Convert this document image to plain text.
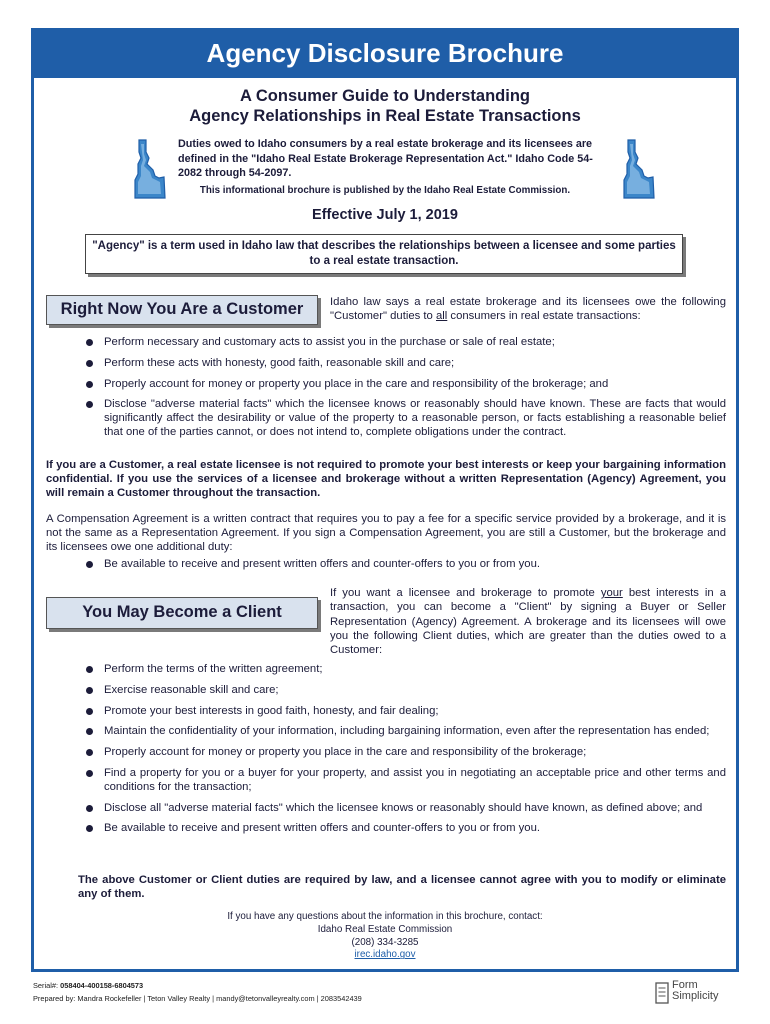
Agency Disclosure Brochure
A Consumer Guide to Understanding
Agency Relationships in Real Estate Transactions
Duties owed to Idaho consumers by a real estate brokerage and its licensees are defined in the "Idaho Real Estate Brokerage Representation Act." Idaho Code 54-2082 through 54-2097.
This informational brochure is published by the Idaho Real Estate Commission.
Effective July 1, 2019
"Agency" is a term used in Idaho law that describes the relationships between a licensee and some parties to a real estate transaction.
Right Now You Are a Customer	Idaho law says a real estate brokerage and its licensees owe the following "Customer" duties to all consumers in real estate transactions:
Perform necessary and customary acts to assist you in the purchase or sale of real estate;
Perform these acts with honesty, good faith, reasonable skill and care;
Properly account for money or property you place in the care and responsibility of the brokerage; and
Disclose "adverse material facts" which the licensee knows or reasonably should have known. These are facts that would significantly affect the desirability or value of the property to a reasonable person, or facts establishing a reasonable belief that one of the parties cannot, or does not intend to, complete obligations under the contract.
If you are a Customer, a real estate licensee is not required to promote your best interests or keep your bargaining information confidential. If you use the services of a licensee and brokerage without a written Representation (Agency) Agreement, you will remain a Customer throughout the transaction.
A Compensation Agreement is a written contract that requires you to pay a fee for a specific service provided by a brokerage, and it is not the same as a Representation Agreement. If you sign a Compensation Agreement, you are still a Customer, but the brokerage and its licensees owe one additional duty:
Be available to receive and present written offers and counter-offers to you or from you.
You May Become a Client
If you want a licensee and brokerage to promote your best interests in a transaction, you can become a "Client" by signing a Buyer or Seller Representation (Agency) Agreement. A brokerage and its licensees will owe you the following Client duties, which are greater than the duties owed to a Customer:
Perform the terms of the written agreement;
Exercise reasonable skill and care;
Promote your best interests in good faith, honesty, and fair dealing;
Maintain the confidentiality of your information, including bargaining information, even after the representation has ended;
Properly account for money or property you place in the care and responsibility of the brokerage;
Find a property for you or a buyer for your property, and assist you in negotiating an acceptable price and other terms and conditions for the transaction;
Disclose all "adverse material facts" which the licensee knows or reasonably should have known, as defined above; and
Be available to receive and present written offers and counter-offers to you or from you.
The above Customer or Client duties are required by law, and a licensee cannot agree with you to modify or eliminate any of them.
If you have any questions about the information in this brochure, contact:
Idaho Real Estate Commission
(208) 334-3285
irec.idaho.gov
Serial#: 058404-400158-6804573
Prepared by: Mandra Rockefeller | Teton Valley Realty | mandy@tetonvalleyrealty.com | 2083542439
Form
Simplicity
